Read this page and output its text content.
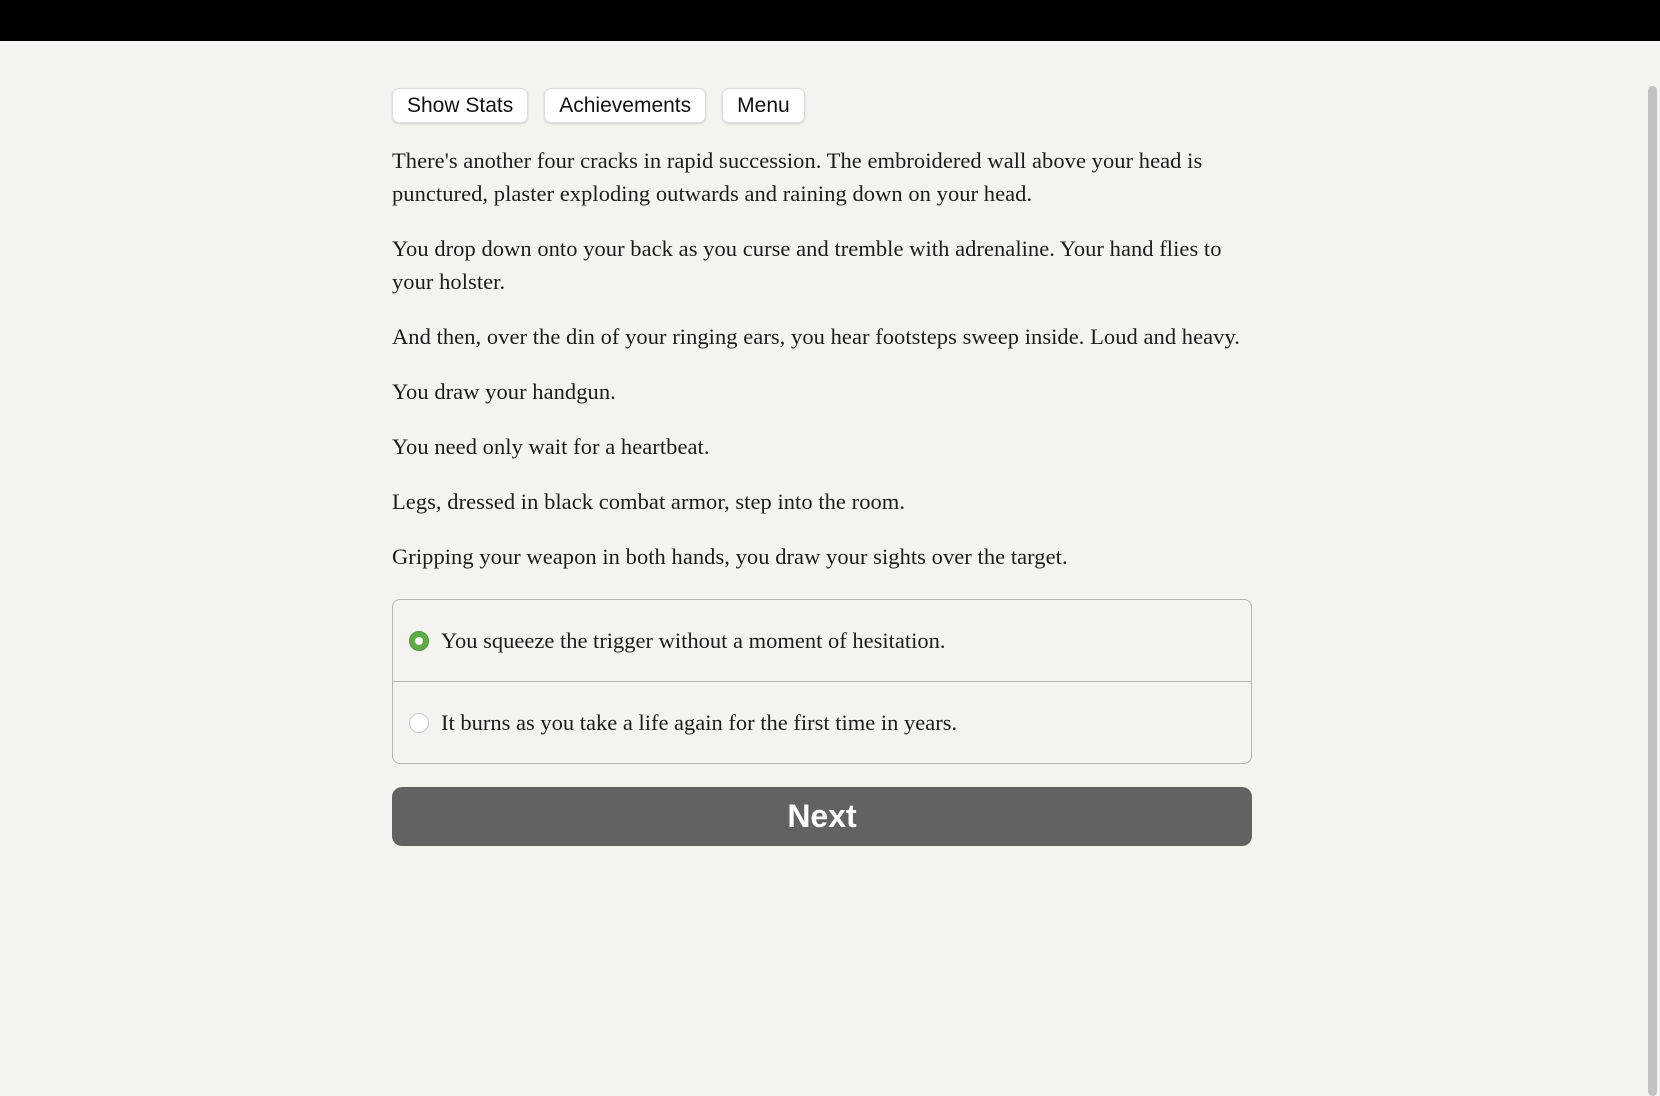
Show Stats	Achievements	Menu

There's another four cracks in rapid succession. The embroidered wall above your head is punctured, plaster exploding outwards and raining down on your head.

You drop down onto your back as you curse and tremble with adrenaline. Your hand flies to your holster.

And then, over the din of your ringing ears, you hear footsteps sweep inside. Loud and heavy.

You draw your handgun.

You need only wait for a heartbeat.

Legs, dressed in black combat armor, step into the room.

Gripping your weapon in both hands, you draw your sights over the target.

You squeeze the trigger without a moment of hesitation.
It burns as you take a life again for the first time in years.
Next
